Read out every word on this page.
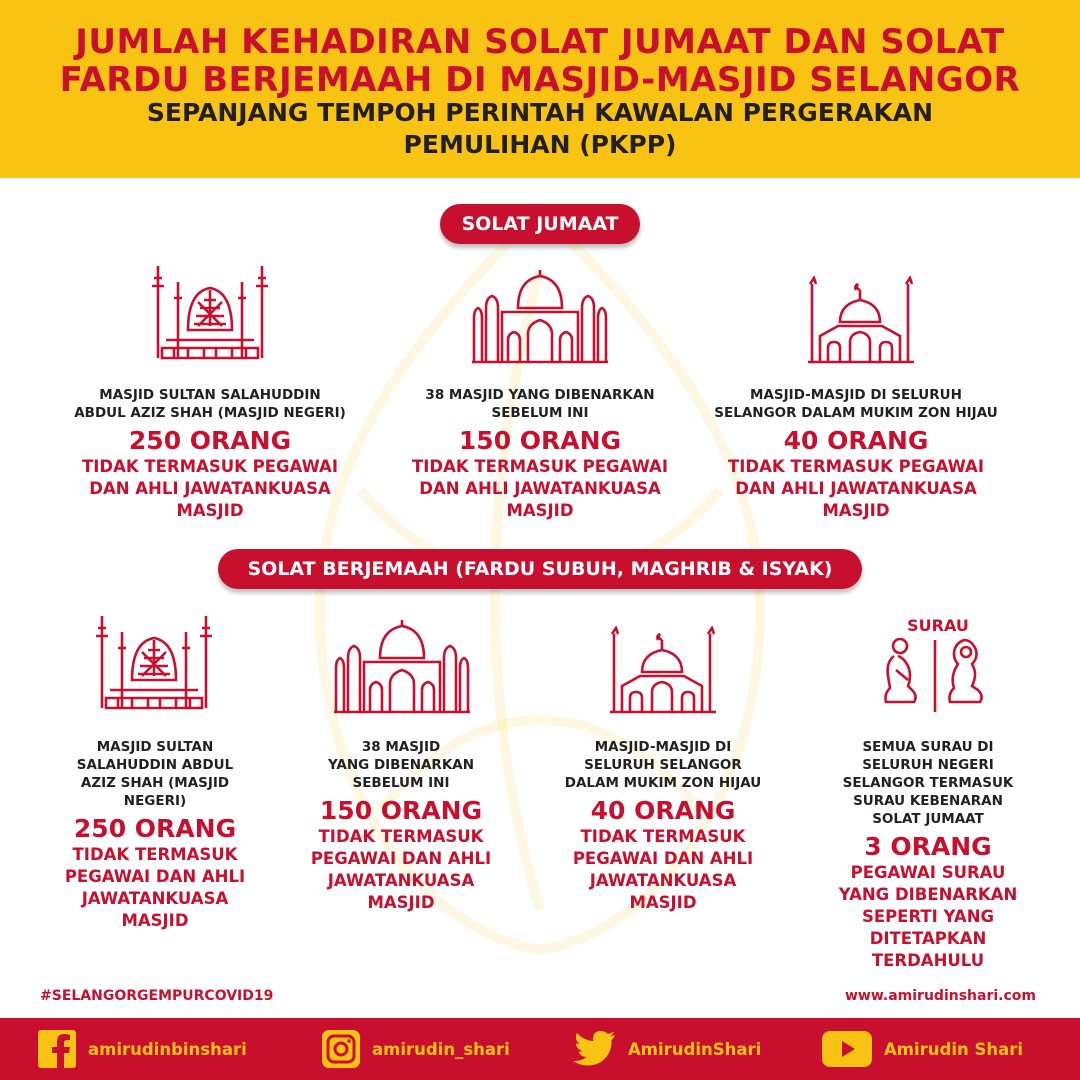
JUMLAH KEHADIRAN SOLAT JUMAAT DAN SOLAT
FARDU BERJEMAAH DI MASJID-MASJID SELANGOR
SEPANJANG TEMPOH PERINTAH KAWALAN PERGERAKAN
PEMULIHAN (PKPP)
SOLAT JUMAAT
MASJID SULTAN SALAHUDDIN
ABDUL AZIZ SHAH (MASJID NEGERI)
250 ORANG
TIDAK TERMASUK PEGAWAI
DAN AHLI JAWATANKUASA
MASJID
38 MASJID YANG DIBENARKAN
SEBELUM INI
150 ORANG
TIDAK TERMASUK PEGAWAI
DAN AHLI JAWATANKUASA
MASJID
MASJID-MASJID DI SELURUH
SELANGOR DALAM MUKIM ZON HIJAU
40 ORANG
TIDAK TERMASUK PEGAWAI
DAN AHLI JAWATANKUASA
MASJID
SOLAT BERJEMAAH (FARDU SUBUH, MAGHRIB & ISYAK)
SURAU
MASJID SULTAN
SALAHUDDIN ABDUL
AZIZ SHAH (MASJID
NEGERI)
250 ORANG
TIDAK TERMASUK
PEGAWAI DAN AHLI
JAWATANKUASA
MASJID
38 MASJID
YANG DIBENARKAN
SEBELUM INI
150 ORANG
TIDAK TERMASUK
PEGAWAI DAN AHLI
JAWATANKUASA
MASJID
MASJID-MASJID DI
SELURUH SELANGOR
DALAM MUKIM ZON HIJAU
40 ORANG
TIDAK TERMASUK
PEGAWAI DAN AHLI
JAWATANKUASA
MASJID
SEMUA SURAU DI
SELURUH NEGERI
SELANGOR TERMASUK
SURAU KEBENARAN
SOLAT JUMAAT
3 ORANG
PEGAWAI SURAU
YANG DIBENARKAN
SEPERTI YANG
DITETAPKAN
TERDAHULU
#SELANGORGEMPURCOVID19	www.amirudinshari.com
amirudinbinshari	amirudin_shari	AmirudinShari	Amirudin Shari
